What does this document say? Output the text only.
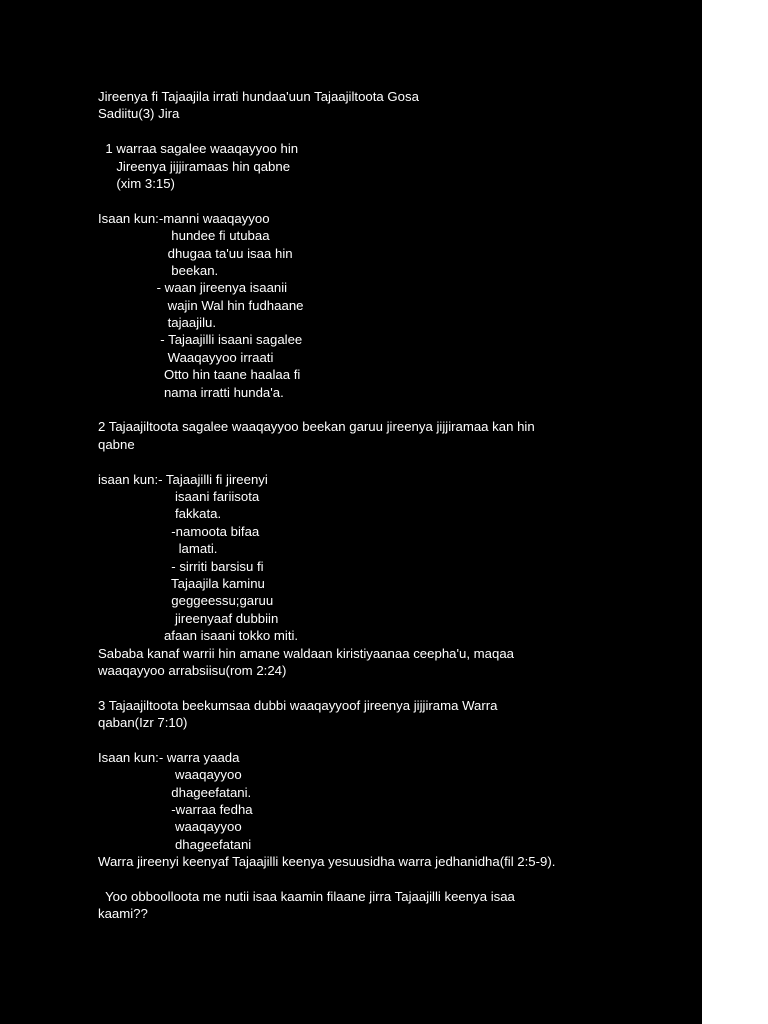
Jireenya fi Tajaajila irrati hundaa'uun Tajaajiltoota Gosa
Sadiitu(3) Jira
1 warraa sagalee waaqayyoo hin
Jireenya jijjiramaas hin qabne
(xim 3:15)
Isaan kun:-manni waaqayyoo
hundee fi utubaa
dhugaa ta'uu isaa hin
beekan.
- waan jireenya isaanii
wajin Wal hin fudhaane
tajaajilu.
- Tajaajilli isaani sagalee
Waaqayyoo irraati
Otto hin taane haalaa fi
nama irratti hunda'a.
2 Tajaajiltoota sagalee waaqayyoo beekan garuu jireenya jijjiramaa kan hin
qabne
isaan kun:- Tajaajilli fi jireenyi
isaani fariisota
fakkata.
-namoota bifaa
lamati.
- sirriti barsisu fi
Tajaajila kaminu
geggeessu;garuu
jireenyaaf dubbiin
afaan isaani tokko miti.
Sababa kanaf warrii hin amane waldaan kiristiyaanaa ceepha'u, maqaa
waaqayyoo arrabsiisu(rom 2:24)
3 Tajaajiltoota beekumsaa dubbi waaqayyoof jireenya jijjirama Warra
qaban(Izr 7:10)
Isaan kun:- warra yaada
waaqayyoo
dhageefatani.
-warraa fedha
waaqayyoo
dhageefatani
Warra jireenyi keenyaf Tajaajilli keenya yesuusidha warra jedhanidha(fil 2:5-9).
Yoo obboolloota me nutii isaa kaamin filaane jirra Tajaajilli keenya isaa
kaami??
